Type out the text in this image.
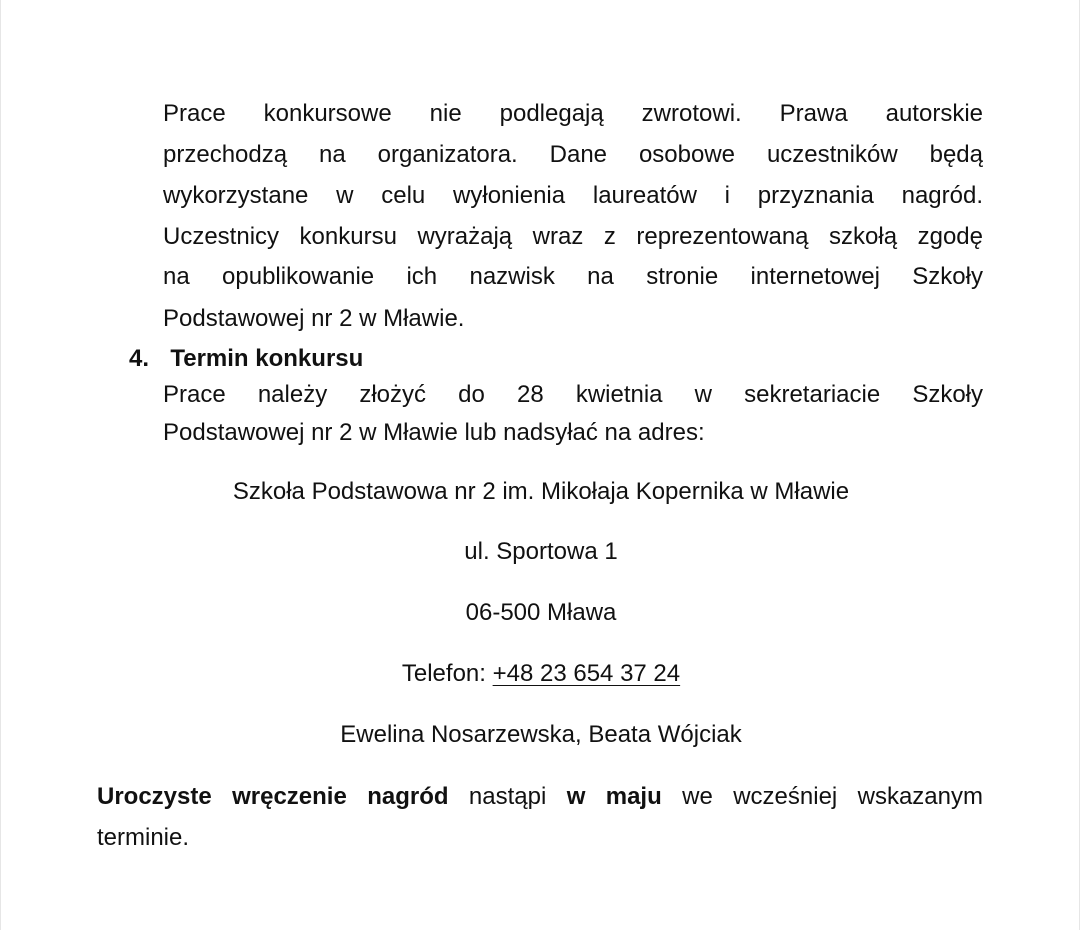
Prace konkursowe nie podlegają zwrotowi. Prawa autorskie
przechodzą na organizatora. Dane osobowe uczestników będą
wykorzystane w celu wyłonienia laureatów i przyznania nagród.
Uczestnicy konkursu wyrażają wraz z reprezentowaną szkołą zgodę
na opublikowanie ich nazwisk na stronie internetowej Szkoły
Podstawowej nr 2 w Mławie.
4. Termin konkursu
Prace należy złożyć do 28 kwietnia w sekretariacie Szkoły
Podstawowej nr 2 w Mławie lub nadsyłać na adres:
Szkoła Podstawowa nr 2 im. Mikołaja Kopernika w Mławie
ul. Sportowa 1
06-500 Mława
Telefon: +48 23 654 37 24
Ewelina Nosarzewska, Beata Wójciak
Uroczyste wręczenie nagród nastąpi w maju we wcześniej wskazanym
terminie.
